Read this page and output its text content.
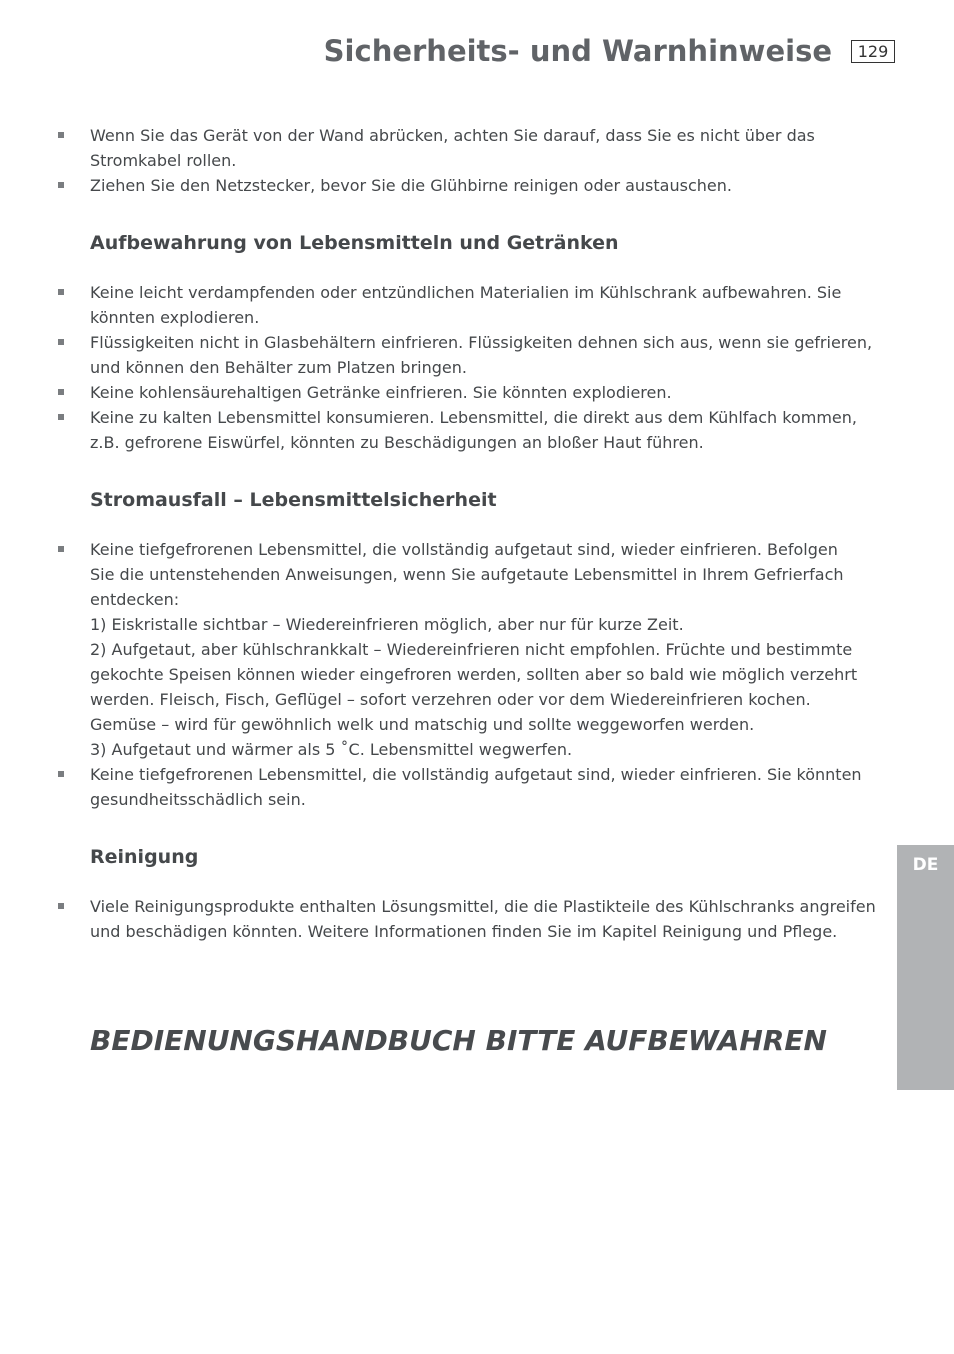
Sicherheits- und Warnhinweise	129
Wenn Sie das Gerät von der Wand abrücken, achten Sie darauf, dass Sie es nicht über das
Stromkabel rollen.
Ziehen Sie den Netzstecker, bevor Sie die Glühbirne reinigen oder austauschen.
Aufbewahrung von Lebensmitteln und Getränken
Keine leicht verdampfenden oder entzündlichen Materialien im Kühlschrank aufbewahren. Sie
könnten explodieren.
Flüssigkeiten nicht in Glasbehältern einfrieren. Flüssigkeiten dehnen sich aus, wenn sie gefrieren,
und können den Behälter zum Platzen bringen.
Keine kohlensäurehaltigen Getränke einfrieren. Sie könnten explodieren.
Keine zu kalten Lebensmittel konsumieren. Lebensmittel, die direkt aus dem Kühlfach kommen,
z.B. gefrorene Eiswürfel, könnten zu Beschädigungen an bloßer Haut führen.
Stromausfall – Lebensmittelsicherheit
Keine tiefgefrorenen Lebensmittel, die vollständig aufgetaut sind, wieder einfrieren. Befolgen
Sie die untenstehenden Anweisungen, wenn Sie aufgetaute Lebensmittel in Ihrem Gefrierfach
entdecken:
1) Eiskristalle sichtbar – Wiedereinfrieren möglich, aber nur für kurze Zeit.
2) Aufgetaut, aber kühlschrankkalt – Wiedereinfrieren nicht empfohlen. Früchte und bestimmte
gekochte Speisen können wieder eingefroren werden, sollten aber so bald wie möglich verzehrt
werden. Fleisch, Fisch, Geflügel – sofort verzehren oder vor dem Wiedereinfrieren kochen.
Gemüse – wird für gewöhnlich welk und matschig und sollte weggeworfen werden.
3) Aufgetaut und wärmer als 5 ˚C. Lebensmittel wegwerfen.
Keine tiefgefrorenen Lebensmittel, die vollständig aufgetaut sind, wieder einfrieren. Sie könnten
gesundheitsschädlich sein.
Reinigung
Viele Reinigungsprodukte enthalten Lösungsmittel, die die Plastikteile des Kühlschranks angreifen
und beschädigen könnten. Weitere Informationen finden Sie im Kapitel Reinigung und Pflege.
BEDIENUNGSHANDBUCH BITTE AUFBEWAHREN
DE
